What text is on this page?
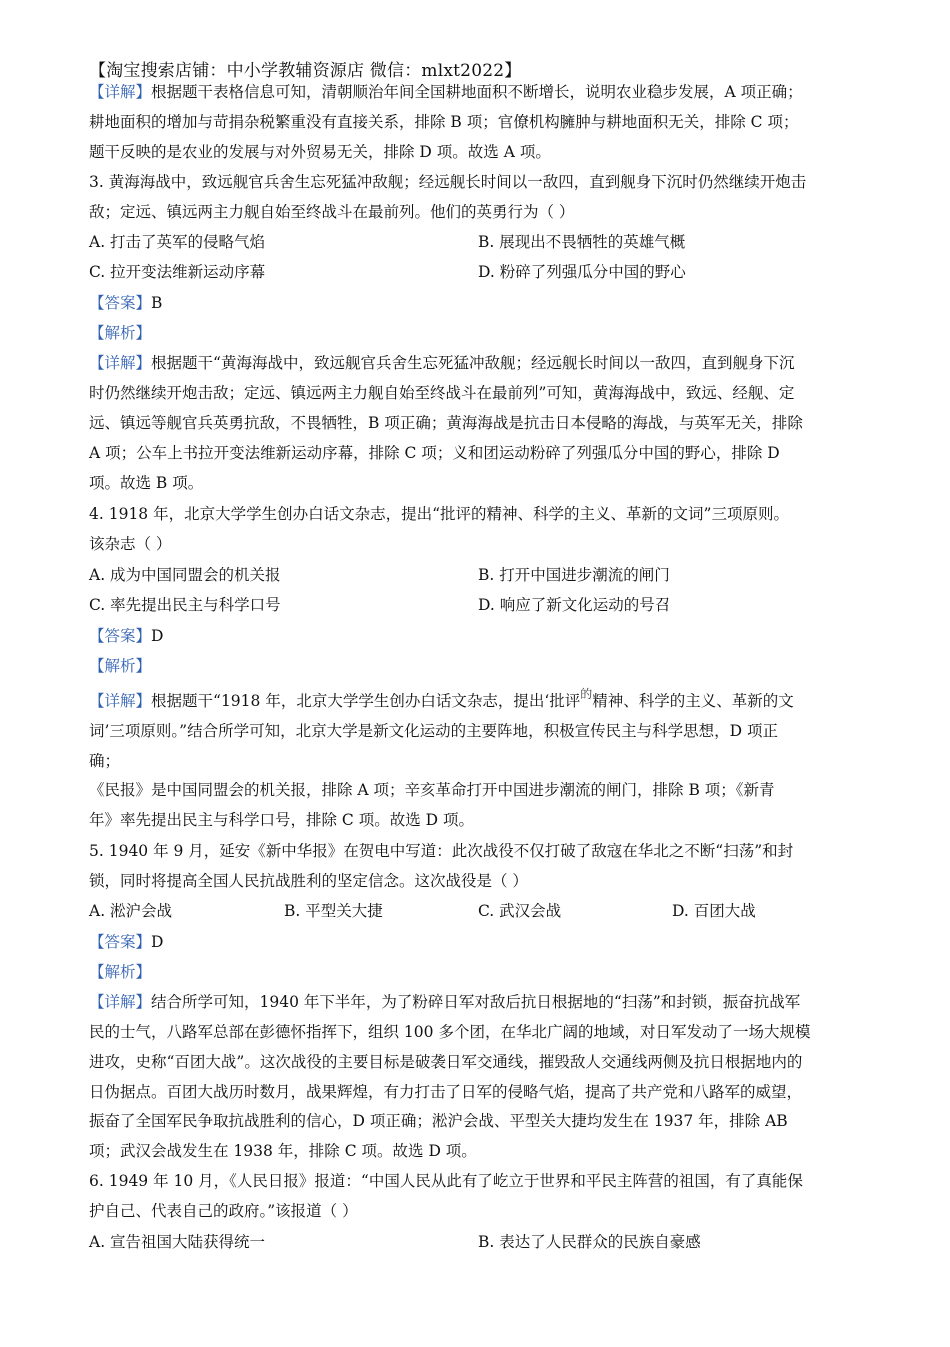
【淘宝搜索店铺：中小学教辅资源店 微信：mlxt2022】
【详解】根据题干表格信息可知，清朝顺治年间全国耕地面积不断增长，说明农业稳步发展，A 项正确；
耕地面积的增加与苛捐杂税繁重没有直接关系，排除 B 项；官僚机构臃肿与耕地面积无关，排除 C 项；
题干反映的是农业的发展与对外贸易无关，排除 D 项。故选 A 项。
3. 黄海海战中，致远舰官兵舍生忘死猛冲敌舰；经远舰长时间以一敌四，直到舰身下沉时仍然继续开炮击
敌；定远、镇远两主力舰自始至终战斗在最前列。他们的英勇行为（ ）
A. 打击了英军的侵略气焰	B. 展现出不畏牺牲的英雄气概
C. 拉开变法维新运动序幕	D. 粉碎了列强瓜分中国的野心
【答案】B
【解析】
【详解】根据题干“黄海海战中，致远舰官兵舍生忘死猛冲敌舰；经远舰长时间以一敌四，直到舰身下沉
时仍然继续开炮击敌；定远、镇远两主力舰自始至终战斗在最前列”可知，黄海海战中，致远、经舰、定
远、镇远等舰官兵英勇抗敌，不畏牺牲，B 项正确；黄海海战是抗击日本侵略的海战，与英军无关，排除
A 项；公车上书拉开变法维新运动序幕，排除 C 项；义和团运动粉碎了列强瓜分中国的野心，排除 D
项。故选 B 项。
4. 1918 年，北京大学学生创办白话文杂志，提出“批评的精神、科学的主义、革新的文词”三项原则。
该杂志（ ）
A. 成为中国同盟会的机关报	B. 打开中国进步潮流的闸门
C. 率先提出民主与科学口号	D. 响应了新文化运动的号召
【答案】D
【解析】
【详解】根据题干“1918 年，北京大学学生创办白话文杂志，提出‘批评$^的$精神、科学的主义、革新的文
词’三项原则。”结合所学可知，北京大学是新文化运动的主要阵地，积极宣传民主与科学思想，D 项正
确；
《民报》是中国同盟会的机关报，排除 A 项；辛亥革命打开中国进步潮流的闸门，排除 B 项；《新青
年》率先提出民主与科学口号，排除 C 项。故选 D 项。
5. 1940 年 9 月，延安《新中华报》在贺电中写道：此次战役不仅打破了敌寇在华北之不断“扫荡”和封
锁，同时将提高全国人民抗战胜利的坚定信念。这次战役是（ ）
A. 淞沪会战	B. 平型关大捷	C. 武汉会战	D. 百团大战
【答案】D
【解析】
【详解】结合所学可知，1940 年下半年，为了粉碎日军对敌后抗日根据地的“扫荡”和封锁，振奋抗战军
民的士气，八路军总部在彭德怀指挥下，组织 100 多个团，在华北广阔的地域，对日军发动了一场大规模
进攻，史称“百团大战”。这次战役的主要目标是破袭日军交通线，摧毁敌人交通线两侧及抗日根据地内的
日伪据点。百团大战历时数月，战果辉煌，有力打击了日军的侵略气焰，提高了共产党和八路军的威望，
振奋了全国军民争取抗战胜利的信心，D 项正确；淞沪会战、平型关大捷均发生在 1937 年，排除 AB
项；武汉会战发生在 1938 年，排除 C 项。故选 D 项。
6. 1949 年 10 月，《人民日报》报道：“中国人民从此有了屹立于世界和平民主阵营的祖国，有了真能保
护自己、代表自己的政府。”该报道（ ）
A. 宣告祖国大陆获得统一	B. 表达了人民群众的民族自豪感
